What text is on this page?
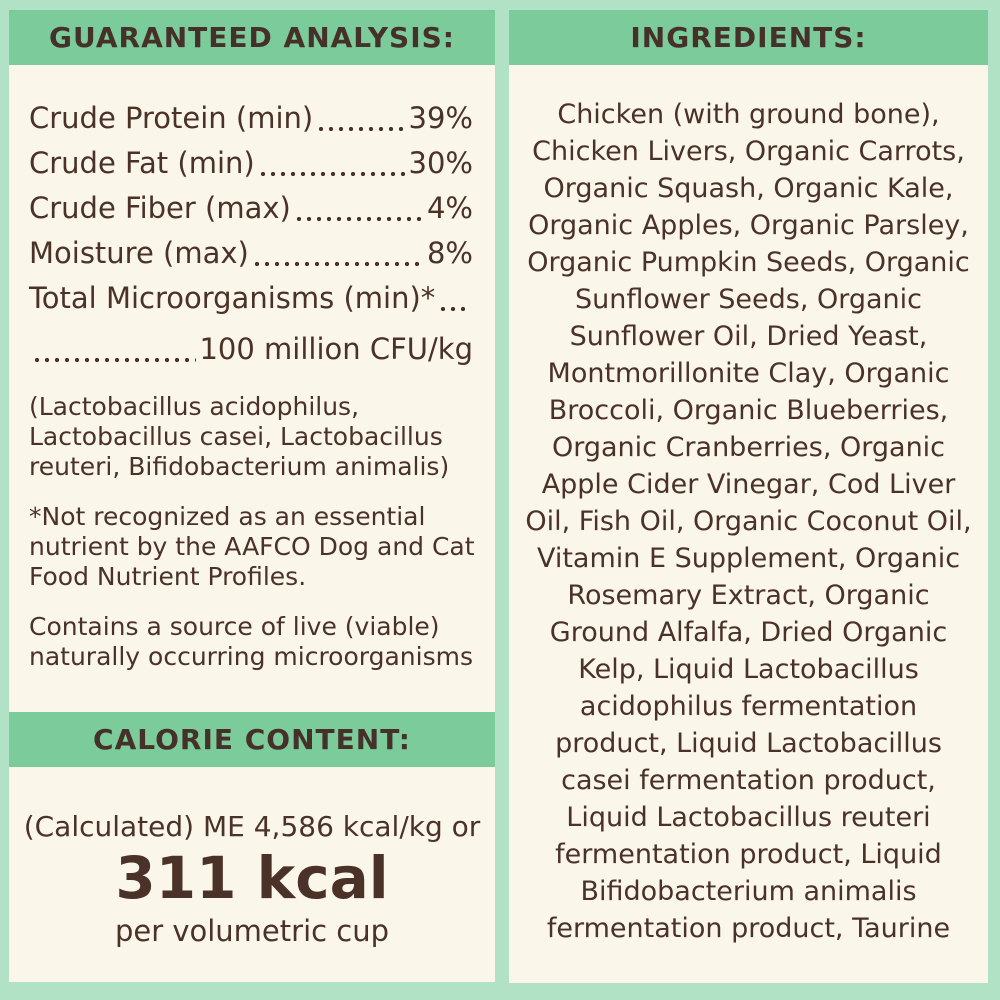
GUARANTEED ANALYSIS:
Crude Protein (min)	39%
Crude Fat (min)	30%
Crude Fiber (max)	4%
Moisture (max)	8%
Total Microorganisms (min)*
100 million CFU/kg
(Lactobacillus acidophilus,
Lactobacillus casei, Lactobacillus
reuteri, Bifidobacterium animalis)
*Not recognized as an essential
nutrient by the AAFCO Dog and Cat
Food Nutrient Profiles.
Contains a source of live (viable)
naturally occurring microorganisms
CALORIE CONTENT:
(Calculated) ME 4,586 kcal/kg or
311 kcal
per volumetric cup
INGREDIENTS:
Chicken (with ground bone),
Chicken Livers, Organic Carrots,
Organic Squash, Organic Kale,
Organic Apples, Organic Parsley,
Organic Pumpkin Seeds, Organic
Sunflower Seeds, Organic
Sunflower Oil, Dried Yeast,
Montmorillonite Clay, Organic
Broccoli, Organic Blueberries,
Organic Cranberries, Organic
Apple Cider Vinegar, Cod Liver
Oil, Fish Oil, Organic Coconut Oil,
Vitamin E Supplement, Organic
Rosemary Extract, Organic
Ground Alfalfa, Dried Organic
Kelp, Liquid Lactobacillus
acidophilus fermentation
product, Liquid Lactobacillus
casei fermentation product,
Liquid Lactobacillus reuteri
fermentation product, Liquid
Bifidobacterium animalis
fermentation product, Taurine
